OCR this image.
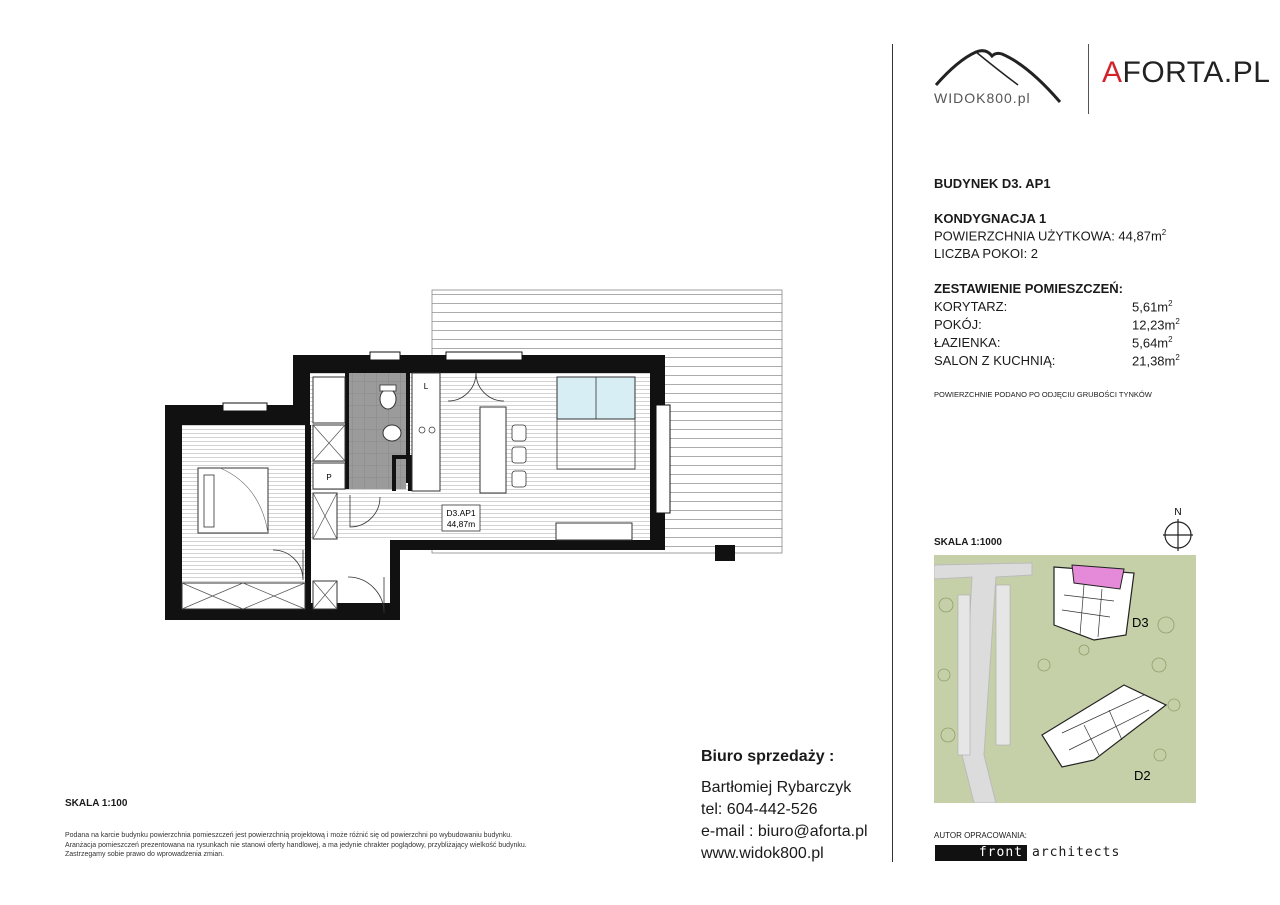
WIDOK800.pl
AFORTA.PL
BUDYNEK D3. AP1
KONDYGNACJA 1
POWIERZCHNIA UŻYTKOWA: $44,87m^2$
LICZBA POKOI: 2
ZESTAWIENIE POMIESZCZEŃ:
KORYTARZ:	$5,61m^2$
POKÓJ:	$12,23m^2$
ŁAZIENKA:	$5,64m^2$
SALON Z KUCHNIĄ:	$21,38m^2$
POWIERZCHNIE PODANO PO ODJĘCIU GRUBOŚCI TYNKÓW
SKALA 1:1000
N
D3
D2
P
L
D3.AP1
44,87m
SKALA 1:100
Podana na karcie budynku powierzchnia pomieszczeń jest powierzchnią projektową i może różnić się od powierzchni po wybudowaniu budynku.
Aranżacja pomieszczeń prezentowana na rysunkach nie stanowi oferty handlowej, a ma jedynie chrakter poglądowy, przybliżający wielkość budynku.
Zastrzegamy sobie prawo do wprowadzenia zmian.
Biuro sprzedaży :
Bartłomiej Rybarczyk
tel: 604-442-526
e-mail : biuro@aforta.pl
www.widok800.pl
AUTOR OPRACOWANIA:
front architects
